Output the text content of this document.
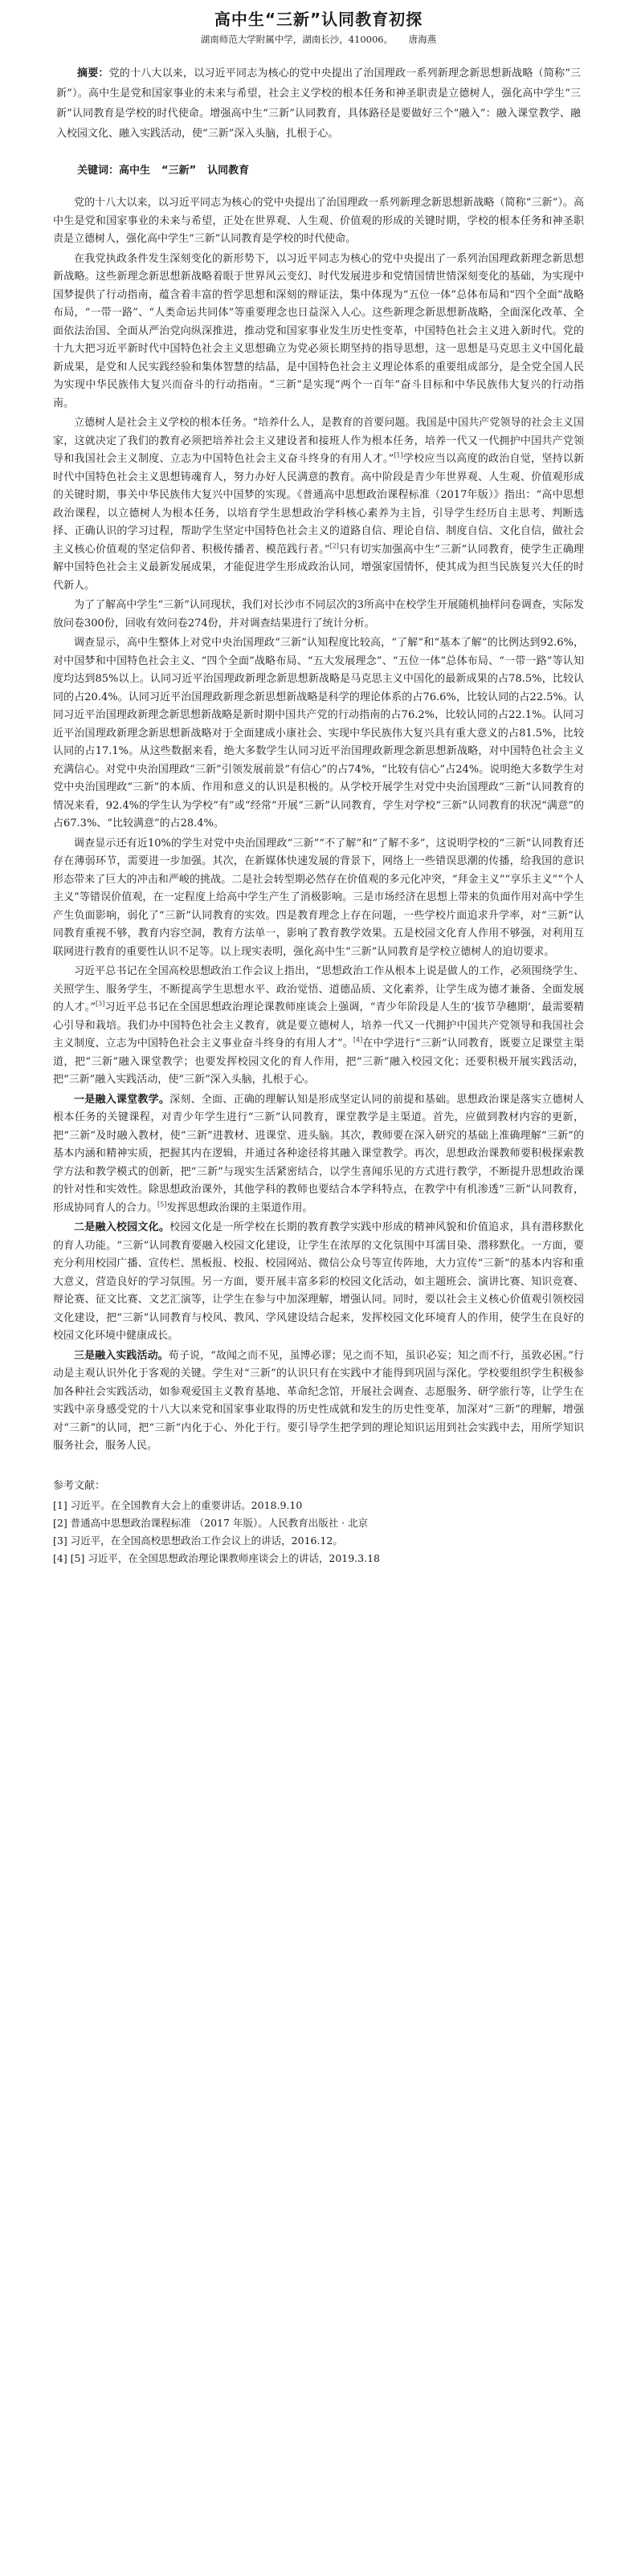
高中生“三新”认同教育初探
湖南师范大学附属中学，湖南长沙，410006。 唐海燕
摘要：党的十八大以来，以习近平同志为核心的党中央提出了治国理政一系列新理念新思想新战略（简称“三新”）。高中生是党和国家事业的未来与希望，社会主义学校的根本任务和神圣职责是立德树人，强化高中学生“三新”认同教育是学校的时代使命。增强高中生“三新”认同教育，具体路径是要做好三个“融入”：融入课堂教学、融入校园文化、融入实践活动，使“三新”深入头脑，扎根于心。
关键词：高中生 “三新” 认同教育

党的十八大以来，以习近平同志为核心的党中央提出了治国理政一系列新理念新思想新战略（简称“三新”）。高中生是党和国家事业的未来与希望，正处在世界观、人生观、价值观的形成的关键时期，学校的根本任务和神圣职责是立德树人，强化高中学生“三新”认同教育是学校的时代使命。

在我党执政条件发生深刻变化的新形势下，以习近平同志为核心的党中央提出了一系列治国理政新理念新思想新战略。这些新理念新思想新战略着眼于世界风云变幻、时代发展进步和党情国情世情深刻变化的基础，为实现中国梦提供了行动指南，蕴含着丰富的哲学思想和深刻的辩证法，集中体现为“五位一体”总体布局和“四个全面”战略布局，“一带一路”、“人类命运共同体”等重要理念也日益深入人心。这些新理念新思想新战略，全面深化改革、全面依法治国、全面从严治党向纵深推进，推动党和国家事业发生历史性变革，中国特色社会主义进入新时代。党的十九大把习近平新时代中国特色社会主义思想确立为党必须长期坚持的指导思想，这一思想是马克思主义中国化最新成果，是党和人民实践经验和集体智慧的结晶，是中国特色社会主义理论体系的重要组成部分，是全党全国人民为实现中华民族伟大复兴而奋斗的行动指南。“三新”是实现“两个一百年”奋斗目标和中华民族伟大复兴的行动指南。

立德树人是社会主义学校的根本任务。“培养什么人，是教育的首要问题。我国是中国共产党领导的社会主义国家，这就决定了我们的教育必须把培养社会主义建设者和接班人作为根本任务，培养一代又一代拥护中国共产党领导和我国社会主义制度、立志为中国特色社会主义奋斗终身的有用人才。”[1]学校应当以高度的政治自觉，坚持以新时代中国特色社会主义思想铸魂育人，努力办好人民满意的教育。高中阶段是青少年世界观、人生观、价值观形成的关键时期，事关中华民族伟大复兴中国梦的实现。《普通高中思想政治课程标准（2017年版）》指出：“高中思想政治课程，以立德树人为根本任务，以培育学生思想政治学科核心素养为主旨，引导学生经历自主思考、判断选择、正确认识的学习过程，帮助学生坚定中国特色社会主义的道路自信、理论自信、制度自信、文化自信，做社会主义核心价值观的坚定信仰者、积极传播者、模范践行者。”[2]只有切实加强高中生“三新”认同教育，使学生正确理解中国特色社会主义最新发展成果，才能促进学生形成政治认同，增强家国情怀，使其成为担当民族复兴大任的时代新人。

为了了解高中学生“三新”认同现状，我们对长沙市不同层次的3所高中在校学生开展随机抽样问卷调查，实际发放问卷300份，回收有效问卷274份，并对调查结果进行了统计分析。

调查显示，高中生整体上对党中央治国理政“三新”认知程度比较高，“了解”和“基本了解”的比例达到92.6%，对中国梦和中国特色社会主义、“四个全面”战略布局、“五大发展理念”、“五位一体”总体布局、“一带一路”等认知度均达到85%以上。认同习近平治国理政新理念新思想新战略是马克思主义中国化的最新成果的占78.5%，比较认同的占20.4%。认同习近平治国理政新理念新思想新战略是科学的理论体系的占76.6%，比较认同的占22.5%。认同习近平治国理政新理念新思想新战略是新时期中国共产党的行动指南的占76.2%，比较认同的占22.1%。认同习近平治国理政新理念新思想新战略对于全面建成小康社会、实现中华民族伟大复兴具有重大意义的占81.5%，比较认同的占17.1%。从这些数据来看，绝大多数学生认同习近平治国理政新理念新思想新战略，对中国特色社会主义充满信心。对党中央治国理政“三新”引领发展前景“有信心”的占74%，“比较有信心”占24%。说明绝大多数学生对党中央治国理政“三新”的本质、作用和意义的认识是积极的。从学校开展学生对党中央治国理政“三新”认同教育的情况来看，92.4%的学生认为学校“有”或“经常”开展“三新”认同教育，学生对学校“三新”认同教育的状况“满意”的占67.3%、“比较满意”的占28.4%。

调查显示还有近10%的学生对党中央治国理政“三新”“不了解”和“了解不多”，这说明学校的“三新”认同教育还存在薄弱环节，需要进一步加强。其次，在新媒体快速发展的背景下，网络上一些错误思潮的传播，给我国的意识形态带来了巨大的冲击和严峻的挑战。二是社会转型期必然存在价值观的多元化冲突，“拜金主义”“享乐主义”“个人主义”等错误价值观，在一定程度上给高中学生产生了消极影响。三是市场经济在思想上带来的负面作用对高中学生产生负面影响，弱化了“三新”认同教育的实效。四是教育理念上存在问题，一些学校片面追求升学率，对“三新”认同教育重视不够，教育内容空洞，教育方法单一，影响了教育教学效果。五是校园文化育人作用不够强，对利用互联网进行教育的重要性认识不足等。以上现实表明，强化高中生“三新”认同教育是学校立德树人的迫切要求。

习近平总书记在全国高校思想政治工作会议上指出，“思想政治工作从根本上说是做人的工作，必须围绕学生、关照学生、服务学生，不断提高学生思想水平、政治觉悟、道德品质、文化素养，让学生成为德才兼备、全面发展的人才。”[3]习近平总书记在全国思想政治理论课教师座谈会上强调，“青少年阶段是人生的‘拔节孕穗期’，最需要精心引导和栽培。我们办中国特色社会主义教育，就是要立德树人，培养一代又一代拥护中国共产党领导和我国社会主义制度、立志为中国特色社会主义事业奋斗终身的有用人才”。[4]在中学进行“三新”认同教育，既要立足课堂主渠道，把“三新”融入课堂教学；也要发挥校园文化的育人作用，把“三新”融入校园文化；还要积极开展实践活动，把“三新”融入实践活动，使“三新”深入头脑，扎根于心。

一是融入课堂教学。深刻、全面、正确的理解认知是形成坚定认同的前提和基础。思想政治课是落实立德树人根本任务的关键课程，对青少年学生进行“三新”认同教育，课堂教学是主渠道。首先，应做到教材内容的更新，把“三新”及时融入教材，使“三新”进教材、进课堂、进头脑。其次，教师要在深入研究的基础上准确理解“三新”的基本内涵和精神实质，把握其内在逻辑，并通过各种途径将其融入课堂教学。再次，思想政治课教师要积极探索教学方法和教学模式的创新，把“三新”与现实生活紧密结合，以学生喜闻乐见的方式进行教学，不断提升思想政治课的针对性和实效性。除思想政治课外，其他学科的教师也要结合本学科特点，在教学中有机渗透“三新”认同教育，形成协同育人的合力。[5]发挥思想政治课的主渠道作用。

二是融入校园文化。校园文化是一所学校在长期的教育教学实践中形成的精神风貌和价值追求，具有潜移默化的育人功能。“三新”认同教育要融入校园文化建设，让学生在浓厚的文化氛围中耳濡目染、潜移默化。一方面，要充分利用校园广播、宣传栏、黑板报、校报、校园网站、微信公众号等宣传阵地，大力宣传“三新”的基本内容和重大意义，营造良好的学习氛围。另一方面，要开展丰富多彩的校园文化活动，如主题班会、演讲比赛、知识竞赛、辩论赛、征文比赛、文艺汇演等，让学生在参与中加深理解，增强认同。同时，要以社会主义核心价值观引领校园文化建设，把“三新”认同教育与校风、教风、学风建设结合起来，发挥校园文化环境育人的作用，使学生在良好的校园文化环境中健康成长。

三是融入实践活动。荀子说，“故闻之而不见，虽博必谬；见之而不知，虽识必妄；知之而不行，虽敦必困。”行动是主观认识外化于客观的关键。学生对“三新”的认识只有在实践中才能得到巩固与深化。学校要组织学生积极参加各种社会实践活动，如参观爱国主义教育基地、革命纪念馆，开展社会调查、志愿服务、研学旅行等，让学生在实践中亲身感受党的十八大以来党和国家事业取得的历史性成就和发生的历史性变革，加深对“三新”的理解，增强对“三新”的认同，把“三新”内化于心、外化于行。要引导学生把学到的理论知识运用到社会实践中去，用所学知识服务社会，服务人民。

参考文献：
[1] 习近平。在全国教育大会上的重要讲话。2018.9.10
[2] 普通高中思想政治课程标准 （2017 年版）。人民教育出版社 · 北京
[3] 习近平，在全国高校思想政治工作会议上的讲话，2016.12。
[4] [5] 习近平，在全国思想政治理论课教师座谈会上的讲话，2019.3.18
